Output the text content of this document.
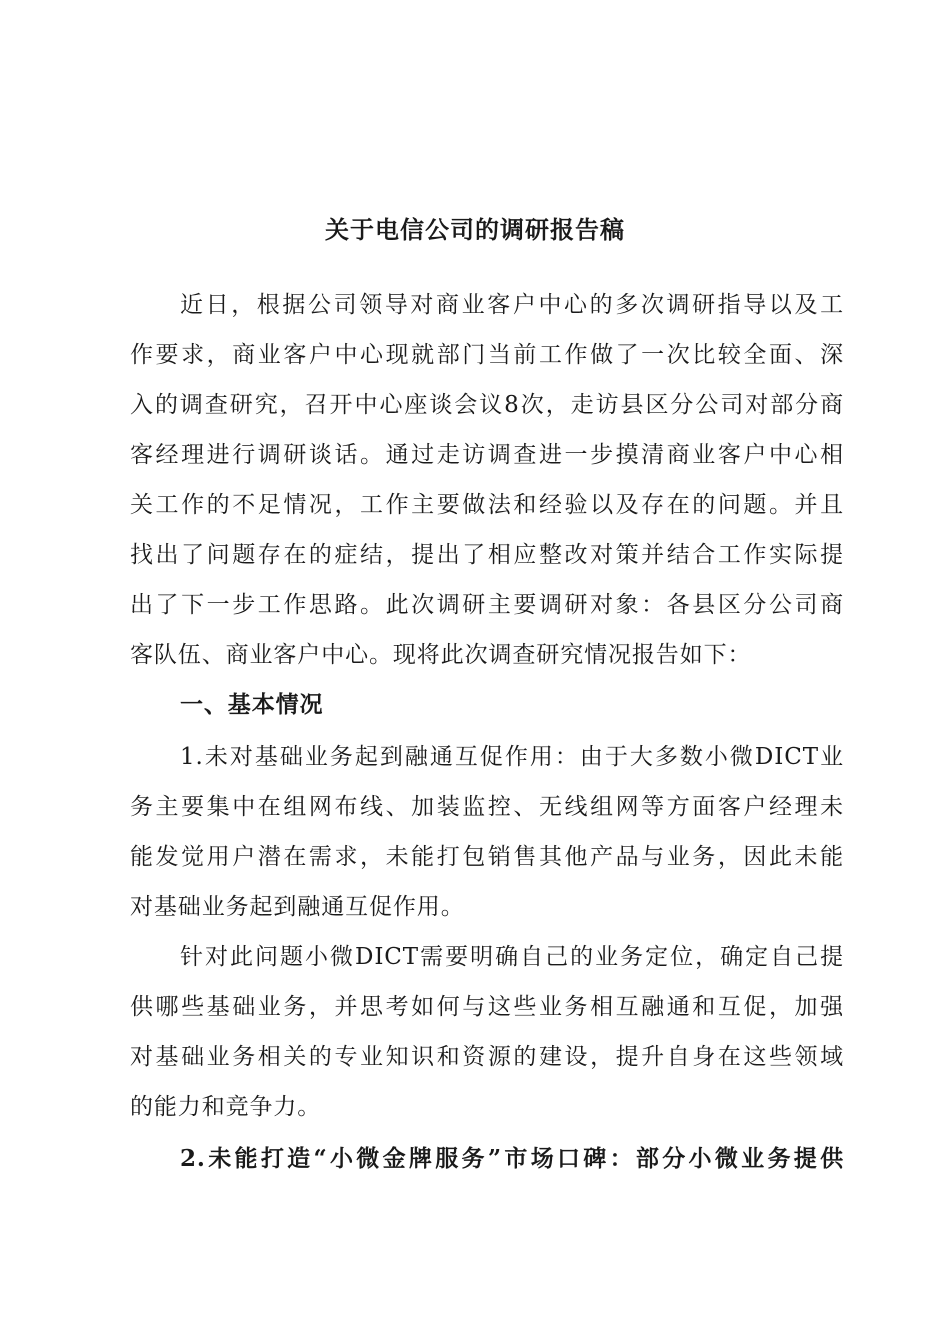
关于电信公司的调研报告稿
近日，根据公司领导对商业客户中心的多次调研指导以及工
作要求，商业客户中心现就部门当前工作做了一次比较全面、深
入的调查研究，召开中心座谈会议8次，走访县区分公司对部分商
客经理进行调研谈话。通过走访调查进一步摸清商业客户中心相
关工作的不足情况，工作主要做法和经验以及存在的问题。并且
找出了问题存在的症结，提出了相应整改对策并结合工作实际提
出了下一步工作思路。此次调研主要调研对象：各县区分公司商
客队伍、商业客户中心。现将此次调查研究情况报告如下：
一、基本情况
1.未对基础业务起到融通互促作用：由于大多数小微DICT业
务主要集中在组网布线、加装监控、无线组网等方面客户经理未
能发觉用户潜在需求，未能打包销售其他产品与业务，因此未能
对基础业务起到融通互促作用。
针对此问题小微DICT需要明确自己的业务定位，确定自己提
供哪些基础业务，并思考如何与这些业务相互融通和互促，加强
对基础业务相关的专业知识和资源的建设，提升自身在这些领域
的能力和竞争力。
2.未能打造“小微金牌服务”市场口碑：部分小微业务提供
